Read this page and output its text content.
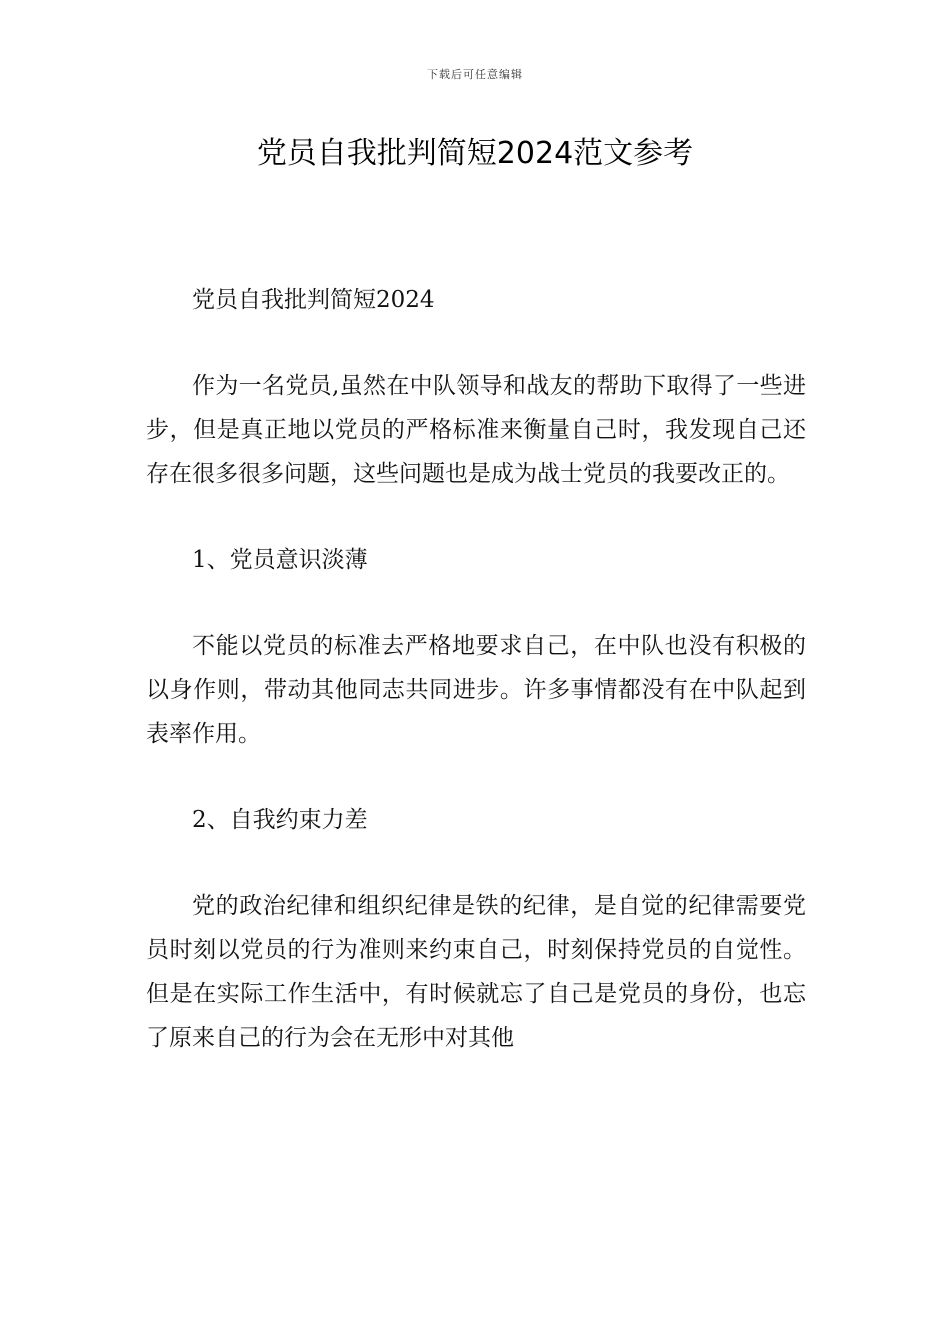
下载后可任意编辑
党员自我批判简短2024范文参考

党员自我批判简短2024

作为一名党员,虽然在中队领导和战友的帮助下取得了一些进步，但是真正地以党员的严格标准来衡量自己时，我发现自己还存在很多很多问题，这些问题也是成为战士党员的我要改正的。

1、党员意识淡薄

不能以党员的标准去严格地要求自己，在中队也没有积极的以身作则，带动其他同志共同进步。许多事情都没有在中队起到表率作用。

2、自我约束力差

党的政治纪律和组织纪律是铁的纪律，是自觉的纪律需要党员时刻以党员的行为准则来约束自己，时刻保持党员的自觉性。但是在实际工作生活中，有时候就忘了自己是党员的身份，也忘了原来自己的行为会在无形中对其他
